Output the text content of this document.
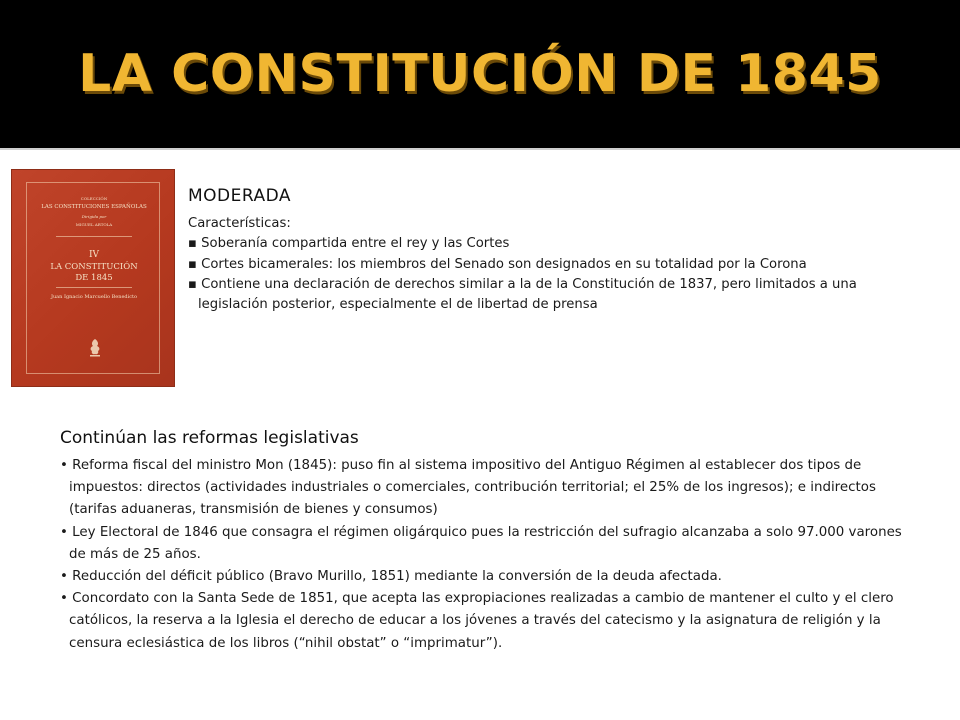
LA CONSTITUCIÓN DE 1845
COLECCIÓN
LAS CONSTITUCIONES ESPAÑOLAS
Dirigida por
MIGUEL ARTOLA
IV
LA CONSTITUCIÓN
DE 1845
Juan Ignacio Marcuello Benedicto
MODERADA
Características:
▪ Soberanía compartida entre el rey y las Cortes
▪ Cortes bicamerales: los miembros del Senado son designados en su totalidad por la Corona
▪ Contiene una declaración de derechos similar a la de la Constitución de 1837, pero limitados a una legislación posterior, especialmente el de libertad de prensa
Continúan las reformas legislativas
• Reforma fiscal del ministro Mon (1845): puso fin al sistema impositivo del Antiguo Régimen al establecer dos tipos de impuestos: directos (actividades industriales o comerciales, contribución territorial; el 25% de los ingresos); e indirectos (tarifas aduaneras, transmisión de bienes y consumos)
• Ley Electoral de 1846 que consagra el régimen oligárquico pues la restricción del sufragio alcanzaba a solo 97.000 varones de más de 25 años.
• Reducción del déficit público (Bravo Murillo, 1851) mediante la conversión de la deuda afectada.
• Concordato con la Santa Sede de 1851, que acepta las expropiaciones realizadas a cambio de mantener el culto y el clero católicos, la reserva a la Iglesia el derecho de educar a los jóvenes a través del catecismo y la asignatura de religión y la censura eclesiástica de los libros (“nihil obstat” o “imprimatur”).
